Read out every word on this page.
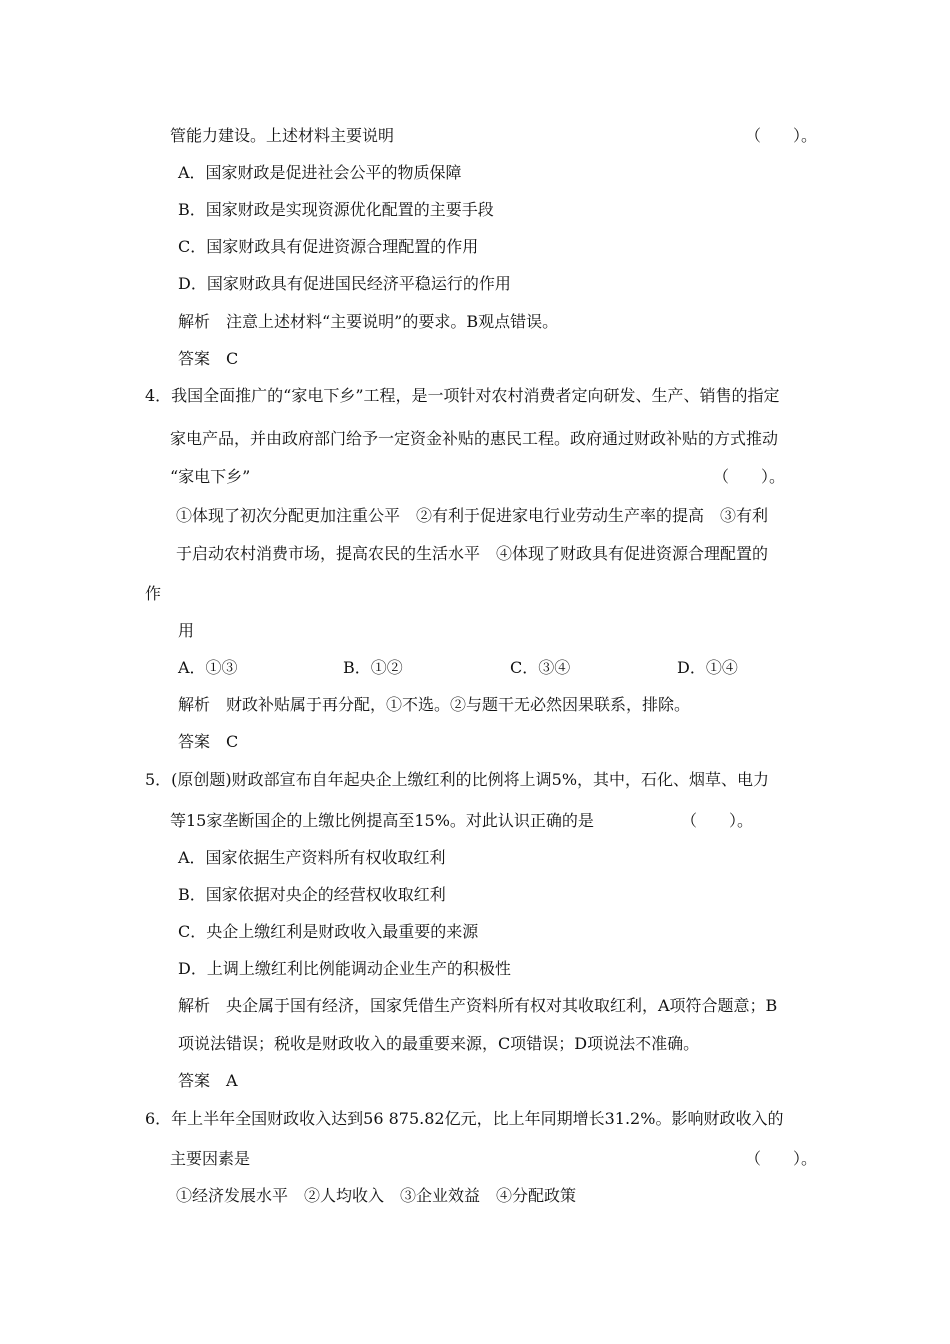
管能力建设。上述材料主要说明	（　　）。
A．国家财政是促进社会公平的物质保障
B．国家财政是实现资源优化配置的主要手段
C．国家财政具有促进资源合理配置的作用
D．国家财政具有促进国民经济平稳运行的作用
解析　注意上述材料“主要说明”的要求。B观点错误。
答案　C
4．我国全面推广的“家电下乡”工程，是一项针对农村消费者定向研发、生产、销售的指定
家电产品，并由政府部门给予一定资金补贴的惠民工程。政府通过财政补贴的方式推动
“家电下乡”	（　　）。
①体现了初次分配更加注重公平　②有利于促进家电行业劳动生产率的提高　③有利
于启动农村消费市场，提高农民的生活水平　④体现了财政具有促进资源合理配置的
作
用
A．①③	B．①②	C．③④	D．①④
解析　财政补贴属于再分配，①不选。②与题干无必然因果联系，排除。
答案　C
5．(原创题)财政部宣布自年起央企上缴红利的比例将上调5%，其中，石化、烟草、电力
等15家垄断国企的上缴比例提高至15%。对此认识正确的是	（　　）。
A．国家依据生产资料所有权收取红利
B．国家依据对央企的经营权收取红利
C．央企上缴红利是财政收入最重要的来源
D．上调上缴红利比例能调动企业生产的积极性
解析　央企属于国有经济，国家凭借生产资料所有权对其收取红利，A项符合题意；B
项说法错误；税收是财政收入的最重要来源，C项错误；D项说法不准确。
答案　A
6．年上半年全国财政收入达到56 875.82亿元，比上年同期增长31.2%。影响财政收入的
主要因素是	（　　）。
①经济发展水平　②人均收入　③企业效益　④分配政策
